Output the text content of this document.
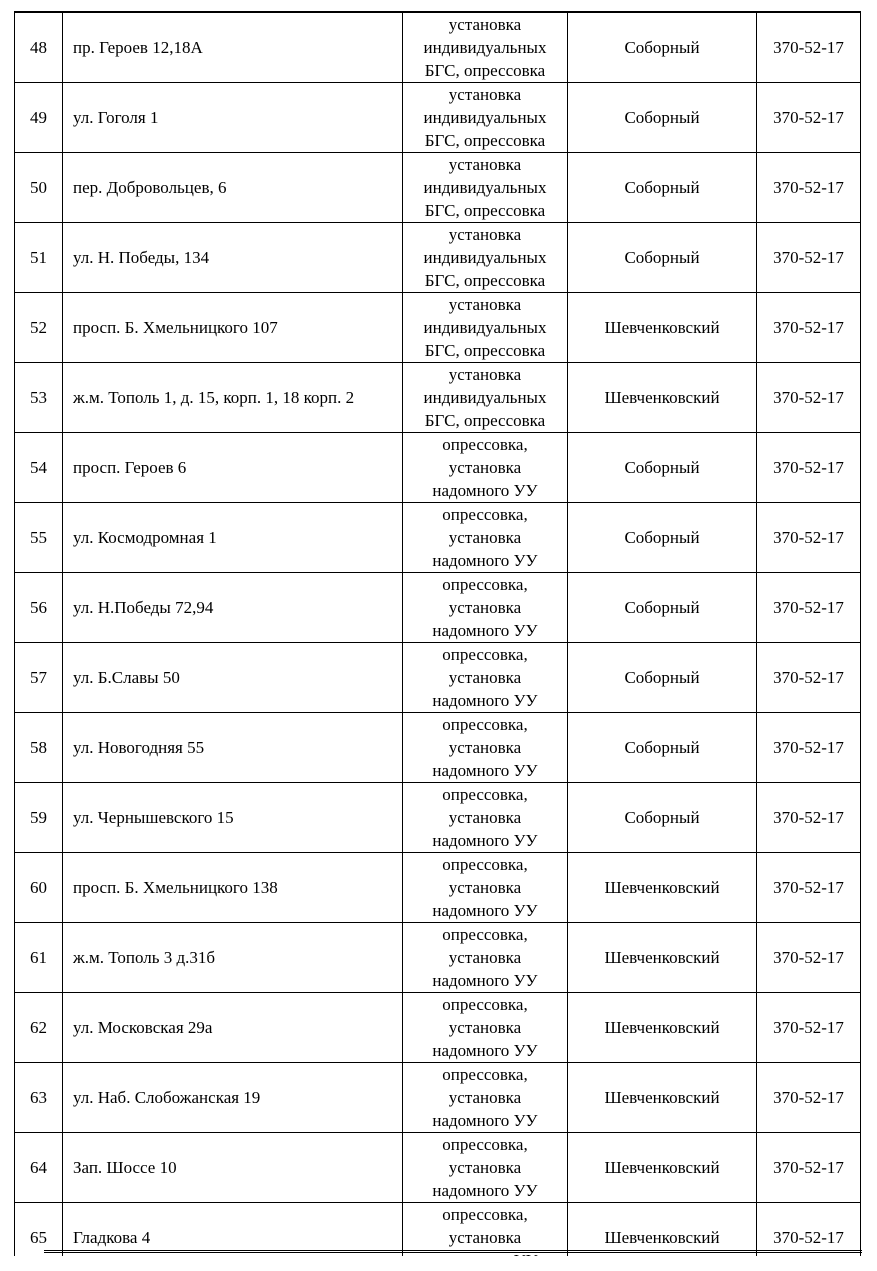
48	пр. Героев 12,18А	установка
индивидуальных
БГС, опрессовка	Соборный	370-52-17
49	ул. Гоголя 1	установка
индивидуальных
БГС, опрессовка	Соборный	370-52-17
50	пер. Добровольцев, 6	установка
индивидуальных
БГС, опрессовка	Соборный	370-52-17
51	ул. Н. Победы, 134	установка
индивидуальных
БГС, опрессовка	Соборный	370-52-17
52	просп. Б. Хмельницкого 107	установка
индивидуальных
БГС, опрессовка	Шевченковский	370-52-17
53	ж.м. Тополь 1, д. 15, корп. 1, 18 корп. 2	установка
индивидуальных
БГС, опрессовка	Шевченковский	370-52-17
54	просп. Героев 6	опрессовка,
установка
надомного УУ	Соборный	370-52-17
55	ул. Космодромная 1	опрессовка,
установка
надомного УУ	Соборный	370-52-17
56	ул. Н.Победы 72,94	опрессовка,
установка
надомного УУ	Соборный	370-52-17
57	ул. Б.Славы 50	опрессовка,
установка
надомного УУ	Соборный	370-52-17
58	ул. Новогодняя 55	опрессовка,
установка
надомного УУ	Соборный	370-52-17
59	ул. Чернышевского 15	опрессовка,
установка
надомного УУ	Соборный	370-52-17
60	просп. Б. Хмельницкого 138	опрессовка,
установка
надомного УУ	Шевченковский	370-52-17
61	ж.м. Тополь 3 д.31б	опрессовка,
установка
надомного УУ	Шевченковский	370-52-17
62	ул. Московская 29а	опрессовка,
установка
надомного УУ	Шевченковский	370-52-17
63	ул. Наб. Слобожанская 19	опрессовка,
установка
надомного УУ	Шевченковский	370-52-17
64	Зап. Шоссе 10	опрессовка,
установка
надомного УУ	Шевченковский	370-52-17
65	Гладкова 4	опрессовка,
установка	Шевченковский	370-52-17
